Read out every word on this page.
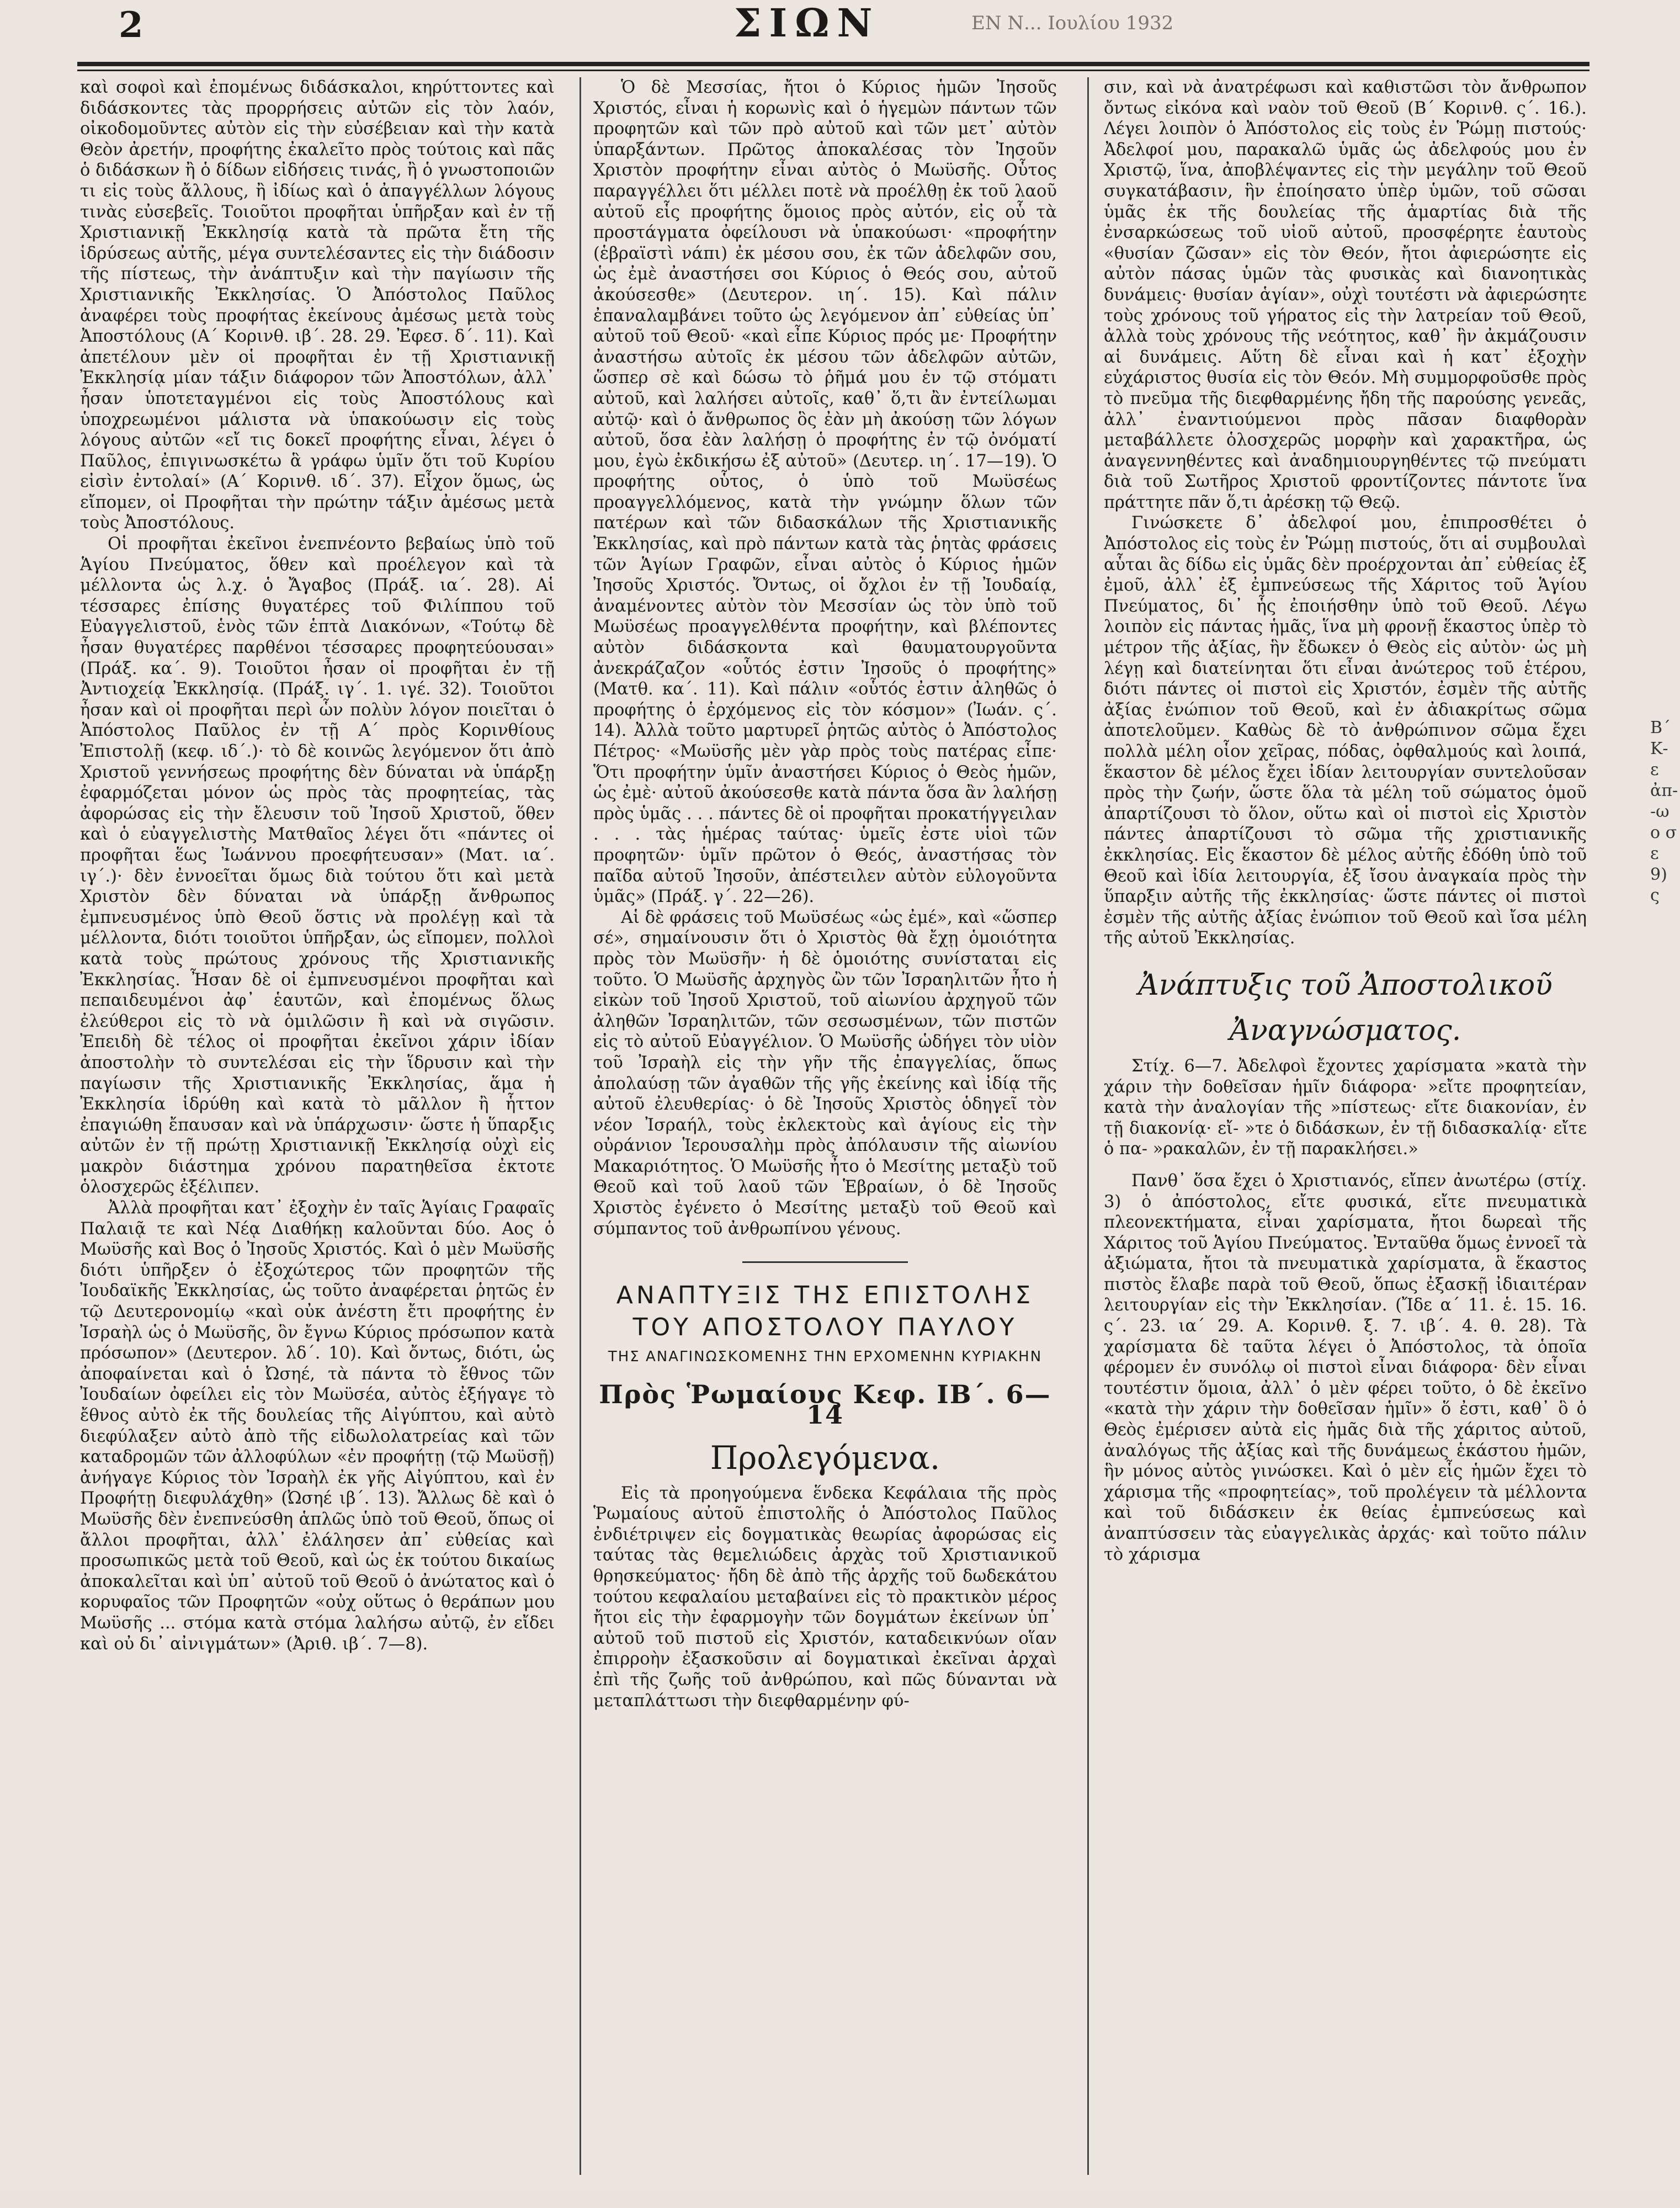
2	ΣΙΩΝ	ΕΝ Ν... Ιουλίου 1932

καὶ σοφοὶ καὶ ἐπομένως διδάσκαλοι, κηρύττοντες καὶ διδάσκοντες τὰς προρρήσεις αὐτῶν εἰς τὸν λαόν, οἰκοδομοῦντες αὐτὸν εἰς τὴν εὐσέβειαν καὶ τὴν κατὰ Θεὸν ἀρετήν, προφήτης ἐκαλεῖτο πρὸς τούτοις καὶ πᾶς ὁ διδάσκων ἢ ὁ δίδων εἰδήσεις τινάς, ἢ ὁ γνωστοποιῶν τι εἰς τοὺς ἄλλους, ἢ ἰδίως καὶ ὁ ἀπαγγέλλων λόγους τινὰς εὐσεβεῖς. Τοιοῦτοι προφῆται ὑπῆρξαν καὶ ἐν τῇ Χριστιανικῇ Ἐκκλησίᾳ κατὰ τὰ πρῶτα ἔτη τῆς ἱδρύσεως αὐτῆς, μέγα συντελέσαντες εἰς τὴν διάδοσιν τῆς πίστεως, τὴν ἀνάπτυξιν καὶ τὴν παγίωσιν τῆς Χριστιανικῆς Ἐκκλησίας. Ὁ Ἀπόστολος Παῦλος ἀναφέρει τοὺς προφήτας ἐκείνους ἀμέσως μετὰ τοὺς Ἀποστόλους (Α΄ Κορινθ. ιβ΄. 28. 29. Ἐφεσ. δ΄. 11). Καὶ ἀπετέλουν μὲν οἱ προφῆται ἐν τῇ Χριστιανικῇ Ἐκκλησίᾳ μίαν τάξιν διάφορον τῶν Ἀποστόλων, ἀλλ᾽ ἦσαν ὑποτεταγμένοι εἰς τοὺς Ἀποστόλους καὶ ὑποχρεωμένοι μάλιστα νὰ ὑπακούωσιν εἰς τοὺς λόγους αὐτῶν «εἴ τις δοκεῖ προφήτης εἶναι, λέγει ὁ Παῦλος, ἐπιγινωσκέτω ἃ γράφω ὑμῖν ὅτι τοῦ Κυρίου εἰσὶν ἐντολαί» (Α΄ Κορινθ. ιδ΄. 37). Εἶχον ὅμως, ὡς εἴπομεν, οἱ Προφῆται τὴν πρώτην τάξιν ἀμέσως μετὰ τοὺς Ἀποστόλους.

Οἱ προφῆται ἐκεῖνοι ἐνεπνέοντο βεβαίως ὑπὸ τοῦ Ἁγίου Πνεύματος, ὅθεν καὶ προέλεγον καὶ τὰ μέλλοντα ὡς λ.χ. ὁ Ἄγαβος (Πράξ. ια΄. 28). Αἱ τέσσαρες ἐπίσης θυγατέρες τοῦ Φιλίππου τοῦ Εὐαγγελιστοῦ, ἑνὸς τῶν ἑπτὰ Διακόνων, «Τούτῳ δὲ ἦσαν θυγατέρες παρθένοι τέσσαρες προφητεύουσαι» (Πράξ. κα΄. 9). Τοιοῦτοι ἦσαν οἱ προφῆται ἐν τῇ Ἀντιοχείᾳ Ἐκκλησίᾳ. (Πράξ. ιγ΄. 1. ιγέ. 32). Τοιοῦτοι ἦσαν καὶ οἱ προφῆται περὶ ὧν πολὺν λόγον ποιεῖται ὁ Ἀπόστολος Παῦλος ἐν τῇ Α΄ πρὸς Κορινθίους Ἐπιστολῇ (κεφ. ιδ΄.)· τὸ δὲ κοινῶς λεγόμενον ὅτι ἀπὸ Χριστοῦ γεννήσεως προφήτης δὲν δύναται νὰ ὑπάρξῃ ἐφαρμόζεται μόνον ὡς πρὸς τὰς προφητείας, τὰς ἀφορώσας εἰς τὴν ἔλευσιν τοῦ Ἰησοῦ Χριστοῦ, ὅθεν καὶ ὁ εὐαγγελιστὴς Ματθαῖος λέγει ὅτι «πάντες οἱ προφῆται ἕως Ἰωάννου προεφήτευσαν» (Ματ. ια΄. ιγ΄.)· δὲν ἐννοεῖται ὅμως διὰ τούτου ὅτι καὶ μετὰ Χριστὸν δὲν δύναται νὰ ὑπάρξῃ ἄνθρωπος ἐμπνευσμένος ὑπὸ Θεοῦ ὅστις νὰ προλέγῃ καὶ τὰ μέλλοντα, διότι τοιοῦτοι ὑπῆρξαν, ὡς εἴπομεν, πολλοὶ κατὰ τοὺς πρώτους χρόνους τῆς Χριστιανικῆς Ἐκκλησίας. Ἦσαν δὲ οἱ ἐμπνευσμένοι προφῆται καὶ πεπαιδευμένοι ἀφ᾽ ἑαυτῶν, καὶ ἐπομένως ὅλως ἐλεύθεροι εἰς τὸ νὰ ὁμιλῶσιν ἢ καὶ νὰ σιγῶσιν. Ἐπειδὴ δὲ τέλος οἱ προφῆται ἐκεῖνοι χάριν ἰδίαν ἀποστολὴν τὸ συντελέσαι εἰς τὴν ἵδρυσιν καὶ τὴν παγίωσιν τῆς Χριστιανικῆς Ἐκκλησίας, ἅμα ἡ Ἐκκλησία ἱδρύθη καὶ κατὰ τὸ μᾶλλον ἢ ἧττον ἐπαγιώθη ἔπαυσαν καὶ νὰ ὑπάρχωσιν· ὥστε ἡ ὕπαρξις αὐτῶν ἐν τῇ πρώτῃ Χριστιανικῇ Ἐκκλησίᾳ οὐχὶ εἰς μακρὸν διάστημα χρόνου παρατηθεῖσα ἐκτοτε ὁλοσχερῶς ἐξέλιπεν.

Ἀλλὰ προφῆται κατ᾽ ἐξοχὴν ἐν ταῖς Ἁγίαις Γραφαῖς Παλαιᾷ τε καὶ Νέᾳ Διαθήκῃ καλοῦνται δύο. Αος ὁ Μωϋσῆς καὶ Βος ὁ Ἰησοῦς Χριστός. Καὶ ὁ μὲν Μωϋσῆς διότι ὑπῆρξεν ὁ ἐξοχώτερος τῶν προφητῶν τῆς Ἰουδαϊκῆς Ἐκκλησίας, ὡς τοῦτο ἀναφέρεται ῥητῶς ἐν τῷ Δευτερονομίῳ «καὶ οὐκ ἀνέστη ἔτι προφήτης ἐν Ἰσραὴλ ὡς ὁ Μωϋσῆς, ὃν ἔγνω Κύριος πρόσωπον κατὰ πρόσωπον» (Δευτερον. λδ΄. 10). Καὶ ὄντως, διότι, ὡς ἀποφαίνεται καὶ ὁ Ὠσηέ, τὰ πάντα τὸ ἔθνος τῶν Ἰουδαίων ὀφείλει εἰς τὸν Μωϋσέα, αὐτὸς ἐξήγαγε τὸ ἔθνος αὐτὸ ἐκ τῆς δουλείας τῆς Αἰγύπτου, καὶ αὐτὸ διεφύλαξεν αὐτὸ ἀπὸ τῆς εἰδωλολατρείας καὶ τῶν καταδρομῶν τῶν ἀλλοφύλων «ἐν προφήτῃ (τῷ Μωϋσῇ) ἀνήγαγε Κύριος τὸν Ἰσραὴλ ἐκ γῆς Αἰγύπτου, καὶ ἐν Προφήτῃ διεφυλάχθη» (Ὠσηέ ιβ΄. 13). Ἄλλως δὲ καὶ ὁ Μωϋσῆς δὲν ἐνεπνεύσθη ἁπλῶς ὑπὸ τοῦ Θεοῦ, ὅπως οἱ ἄλλοι προφῆται, ἀλλ᾽ ἐλάλησεν ἀπ᾽ εὐθείας καὶ προσωπικῶς μετὰ τοῦ Θεοῦ, καὶ ὡς ἐκ τούτου δικαίως ἀποκαλεῖται καὶ ὑπ᾽ αὐτοῦ τοῦ Θεοῦ ὁ ἀνώτατος καὶ ὁ κορυφαῖος τῶν Προφητῶν «οὐχ οὕτως ὁ θεράπων μου Μωϋσῆς ... στόμα κατὰ στόμα λαλήσω αὐτῷ, ἐν εἴδει καὶ οὐ δι᾽ αἰνιγμάτων» (Ἀριθ. ιβ΄. 7—8).

Ὁ δὲ Μεσσίας, ἤτοι ὁ Κύριος ἡμῶν Ἰησοῦς Χριστός, εἶναι ἡ κορωνὶς καὶ ὁ ἡγεμὼν πάντων τῶν προφητῶν καὶ τῶν πρὸ αὐτοῦ καὶ τῶν μετ᾽ αὐτὸν ὑπαρξάντων. Πρῶτος ἀποκαλέσας τὸν Ἰησοῦν Χριστὸν προφήτην εἶναι αὐτὸς ὁ Μωϋσῆς. Οὗτος παραγγέλλει ὅτι μέλλει ποτὲ νὰ προέλθῃ ἐκ τοῦ λαοῦ αὐτοῦ εἷς προφήτης ὅμοιος πρὸς αὐτόν, εἰς οὗ τὰ προστάγματα ὀφείλουσι νὰ ὑπακούωσι· «προφήτην (ἑβραϊστὶ νάπι) ἐκ μέσου σου, ἐκ τῶν ἀδελφῶν σου, ὡς ἐμὲ ἀναστήσει σοι Κύριος ὁ Θεός σου, αὐτοῦ ἀκούσεσθε» (Δευτερον. ιη΄. 15). Καὶ πάλιν ἐπαναλαμβάνει τοῦτο ὡς λεγόμενον ἀπ᾽ εὐθείας ὑπ᾽ αὐτοῦ τοῦ Θεοῦ· «καὶ εἶπε Κύριος πρός με· Προφήτην ἀναστήσω αὐτοῖς ἐκ μέσου τῶν ἀδελφῶν αὐτῶν, ὥσπερ σὲ καὶ δώσω τὸ ῥῆμά μου ἐν τῷ στόματι αὐτοῦ, καὶ λαλήσει αὐτοῖς, καθ᾽ ὅ,τι ἂν ἐντείλωμαι αὐτῷ· καὶ ὁ ἄνθρωπος ὃς ἐὰν μὴ ἀκούσῃ τῶν λόγων αὐτοῦ, ὅσα ἐὰν λαλήσῃ ὁ προφήτης ἐν τῷ ὀνόματί μου, ἐγὼ ἐκδικήσω ἐξ αὐτοῦ» (Δευτερ. ιη΄. 17—19). Ὁ προφήτης οὗτος, ὁ ὑπὸ τοῦ Μωϋσέως προαγγελλόμενος, κατὰ τὴν γνώμην ὅλων τῶν πατέρων καὶ τῶν διδασκάλων τῆς Χριστιανικῆς Ἐκκλησίας, καὶ πρὸ πάντων κατὰ τὰς ῥητὰς φράσεις τῶν Ἁγίων Γραφῶν, εἶναι αὐτὸς ὁ Κύριος ἡμῶν Ἰησοῦς Χριστός. Ὄντως, οἱ ὄχλοι ἐν τῇ Ἰουδαίᾳ, ἀναμένοντες αὐτὸν τὸν Μεσσίαν ὡς τὸν ὑπὸ τοῦ Μωϋσέως προαγγελθέντα προφήτην, καὶ βλέποντες αὐτὸν διδάσκοντα καὶ θαυματουργοῦντα ἀνεκράζαζον «οὗτός ἐστιν Ἰησοῦς ὁ προφήτης» (Ματθ. κα΄. 11). Καὶ πάλιν «οὗτός ἐστιν ἀληθῶς ὁ προφήτης ὁ ἐρχόμενος εἰς τὸν κόσμον» (Ἰωάν. ς΄. 14). Ἀλλὰ τοῦτο μαρτυρεῖ ῥητῶς αὐτὸς ὁ Ἀπόστολος Πέτρος· «Μωϋσῆς μὲν γὰρ πρὸς τοὺς πατέρας εἶπε· Ὅτι προφήτην ὑμῖν ἀναστήσει Κύριος ὁ Θεὸς ἡμῶν, ὡς ἐμὲ· αὐτοῦ ἀκούσεσθε κατὰ πάντα ὅσα ἂν λαλήσῃ πρὸς ὑμᾶς . . . πάντες δὲ οἱ προφῆται προκατήγγειλαν . . . τὰς ἡμέρας ταύτας· ὑμεῖς ἐστε υἱοὶ τῶν προφητῶν· ὑμῖν πρῶτον ὁ Θεός, ἀναστήσας τὸν παῖδα αὐτοῦ Ἰησοῦν, ἀπέστειλεν αὐτὸν εὐλογοῦντα ὑμᾶς» (Πράξ. γ΄. 22—26).

Αἱ δὲ φράσεις τοῦ Μωϋσέως «ὡς ἐμέ», καὶ «ὥσπερ σέ», σημαίνουσιν ὅτι ὁ Χριστὸς θὰ ἔχῃ ὁμοιότητα πρὸς τὸν Μωϋσῆν· ἡ δὲ ὁμοιότης συνίσταται εἰς τοῦτο. Ὁ Μωϋσῆς ἀρχηγὸς ὢν τῶν Ἰσραηλιτῶν ἦτο ἡ εἰκὼν τοῦ Ἰησοῦ Χριστοῦ, τοῦ αἰωνίου ἀρχηγοῦ τῶν ἀληθῶν Ἰσραηλιτῶν, τῶν σεσωσμένων, τῶν πιστῶν εἰς τὸ αὐτοῦ Εὐαγγέλιον. Ὁ Μωϋσῆς ὡδήγει τὸν υἱὸν τοῦ Ἰσραὴλ εἰς τὴν γῆν τῆς ἐπαγγελίας, ὅπως ἀπολαύσῃ τῶν ἀγαθῶν τῆς γῆς ἐκείνης καὶ ἰδίᾳ τῆς αὐτοῦ ἐλευθερίας· ὁ δὲ Ἰησοῦς Χριστὸς ὁδηγεῖ τὸν νέον Ἰσραήλ, τοὺς ἐκλεκτοὺς καὶ ἁγίους εἰς τὴν οὐράνιον Ἱερουσαλὴμ πρὸς ἀπόλαυσιν τῆς αἰωνίου Μακαριότητος. Ὁ Μωϋσῆς ἦτο ὁ Μεσίτης μεταξὺ τοῦ Θεοῦ καὶ τοῦ λαοῦ τῶν Ἑβραίων, ὁ δὲ Ἰησοῦς Χριστὸς ἐγένετο ὁ Μεσίτης μεταξὺ τοῦ Θεοῦ καὶ σύμπαντος τοῦ ἀνθρωπίνου γένους.

ΑΝΑΠΤΥΞΙΣ ΤΗΣ ΕΠΙΣΤΟΛΗΣ
ΤΟΥ ΑΠΟΣΤΟΛΟΥ ΠΑΥΛΟΥ
ΤΗΣ ΑΝΑΓΙΝΩΣΚΟΜΕΝΗΣ ΤΗΝ ΕΡΧΟΜΕΝΗΝ ΚΥΡΙΑΚΗΝ
Πρὸς Ῥωμαίους Κεφ. ΙΒ΄. 6—14
Προλεγόμενα.

Εἰς τὰ προηγούμενα ἕνδεκα Κεφάλαια τῆς πρὸς Ῥωμαίους αὐτοῦ ἐπιστολῆς ὁ Ἀπόστολος Παῦλος ἐνδιέτριψεν εἰς δογματικὰς θεωρίας ἀφορώσας εἰς ταύτας τὰς θεμελιώδεις ἀρχὰς τοῦ Χριστιανικοῦ θρησκεύματος· ἤδη δὲ ἀπὸ τῆς ἀρχῆς τοῦ δωδεκάτου τούτου κεφαλαίου μεταβαίνει εἰς τὸ πρακτικὸν μέρος ἤτοι εἰς τὴν ἐφαρμογὴν τῶν δογμάτων ἐκείνων ὑπ᾽ αὐτοῦ τοῦ πιστοῦ εἰς Χριστόν, καταδεικνύων οἵαν ἐπιρροὴν ἐξασκοῦσιν αἱ δογματικαὶ ἐκεῖναι ἀρχαὶ ἐπὶ τῆς ζωῆς τοῦ ἀνθρώπου, καὶ πῶς δύνανται νὰ μεταπλάττωσι τὴν διεφθαρμένην φύ-

σιν, καὶ νὰ ἀνατρέφωσι καὶ καθιστῶσι τὸν ἄνθρωπον ὄντως εἰκόνα καὶ ναὸν τοῦ Θεοῦ (Β΄ Κορινθ. ς΄. 16.). Λέγει λοιπὸν ὁ Ἀπόστολος εἰς τοὺς ἐν Ῥώμῃ πιστούς· Ἀδελφοί μου, παρακαλῶ ὑμᾶς ὡς ἀδελφούς μου ἐν Χριστῷ, ἵνα, ἀποβλέψαντες εἰς τὴν μεγάλην τοῦ Θεοῦ συγκατάβασιν, ἣν ἐποίησατο ὑπὲρ ὑμῶν, τοῦ σῶσαι ὑμᾶς ἐκ τῆς δουλείας τῆς ἁμαρτίας διὰ τῆς ἐνσαρκώσεως τοῦ υἱοῦ αὐτοῦ, προσφέρητε ἑαυτοὺς «θυσίαν ζῶσαν» εἰς τὸν Θεόν, ἤτοι ἀφιερώσητε εἰς αὐτὸν πάσας ὑμῶν τὰς φυσικὰς καὶ διανοητικὰς δυνάμεις· θυσίαν ἁγίαν», οὐχὶ τουτέστι νὰ ἀφιερώσητε τοὺς χρόνους τοῦ γήρατος εἰς τὴν λατρείαν τοῦ Θεοῦ, ἀλλὰ τοὺς χρόνους τῆς νεότητος, καθ᾽ ἣν ἀκμάζουσιν αἱ δυνάμεις. Αὕτη δὲ εἶναι καὶ ἡ κατ᾽ ἐξοχὴν εὐχάριστος θυσία εἰς τὸν Θεόν. Μὴ συμμορφοῦσθε πρὸς τὸ πνεῦμα τῆς διεφθαρμένης ἤδη τῆς παρούσης γενεᾶς, ἀλλ᾽ ἐναντιούμενοι πρὸς πᾶσαν διαφθορὰν μεταβάλλετε ὁλοσχερῶς μορφὴν καὶ χαρακτῆρα, ὡς ἀναγεννηθέντες καὶ ἀναδημιουργηθέντες τῷ πνεύματι διὰ τοῦ Σωτῆρος Χριστοῦ φροντίζοντες πάντοτε ἵνα πράττητε πᾶν ὅ,τι ἀρέσκῃ τῷ Θεῷ.

Γινώσκετε δ᾽ ἀδελφοί μου, ἐπιπροσθέτει ὁ Ἀπόστολος εἰς τοὺς ἐν Ῥώμῃ πιστούς, ὅτι αἱ συμβουλαὶ αὗται ἃς δίδω εἰς ὑμᾶς δὲν προέρχονται ἀπ᾽ εὐθείας ἐξ ἐμοῦ, ἀλλ᾽ ἐξ ἐμπνεύσεως τῆς Χάριτος τοῦ Ἁγίου Πνεύματος, δι᾽ ἧς ἐποιήσθην ὑπὸ τοῦ Θεοῦ. Λέγω λοιπὸν εἰς πάντας ἡμᾶς, ἵνα μὴ φρονῇ ἕκαστος ὑπὲρ τὸ μέτρον τῆς ἀξίας, ἣν ἔδωκεν ὁ Θεὸς εἰς αὐτὸν· ὡς μὴ λέγῃ καὶ διατείνηται ὅτι εἶναι ἀνώτερος τοῦ ἑτέρου, διότι πάντες οἱ πιστοὶ εἰς Χριστόν, ἐσμὲν τῆς αὐτῆς ἀξίας ἐνώπιον τοῦ Θεοῦ, καὶ ἐν ἀδιακρίτως σῶμα ἀποτελοῦμεν. Καθὼς δὲ τὸ ἀνθρώπινον σῶμα ἔχει πολλὰ μέλη οἷον χεῖρας, πόδας, ὀφθαλμούς καὶ λοιπά, ἕκαστον δὲ μέλος ἔχει ἰδίαν λειτουργίαν συντελοῦσαν πρὸς τὴν ζωήν, ὥστε ὅλα τὰ μέλη τοῦ σώματος ὁμοῦ ἀπαρτίζουσι τὸ ὅλον, οὕτω καὶ οἱ πιστοὶ εἰς Χριστὸν πάντες ἀπαρτίζουσι τὸ σῶμα τῆς χριστιανικῆς ἐκκλησίας. Εἰς ἕκαστον δὲ μέλος αὐτῆς ἐδόθη ὑπὸ τοῦ Θεοῦ καὶ ἰδία λειτουργία, ἐξ ἴσου ἀναγκαία πρὸς τὴν ὕπαρξιν αὐτῆς τῆς ἐκκλησίας· ὥστε πάντες οἱ πιστοὶ ἐσμὲν τῆς αὐτῆς ἀξίας ἐνώπιον τοῦ Θεοῦ καὶ ἴσα μέλη τῆς αὐτοῦ Ἐκκλησίας.

Ἀνάπτυξις τοῦ Ἀποστολικοῦ
Ἀναγνώσματος.

Στίχ. 6—7. Ἀδελφοὶ ἔχοντες χαρίσματα »κατὰ τὴν χάριν τὴν δοθεῖσαν ἡμῖν διάφορα· »εἴτε προφητείαν, κατὰ τὴν ἀναλογίαν τῆς »πίστεως· εἴτε διακονίαν, ἐν τῇ διακονίᾳ· εἴ- »τε ὁ διδάσκων, ἐν τῇ διδασκαλίᾳ· εἴτε ὁ πα- »ρακαλῶν, ἐν τῇ παρακλήσει.»

Πανθ᾽ ὅσα ἔχει ὁ Χριστιανός, εἴπεν ἀνωτέρω (στίχ. 3) ὁ ἀπόστολος, εἴτε φυσικά, εἴτε πνευματικὰ πλεονεκτήματα, εἶναι χαρίσματα, ἤτοι δωρεαὶ τῆς Χάριτος τοῦ Ἁγίου Πνεύματος. Ἐνταῦθα ὅμως ἐννοεῖ τὰ ἀξιώματα, ἤτοι τὰ πνευματικὰ χαρίσματα, ἃ ἕκαστος πιστὸς ἔλαβε παρὰ τοῦ Θεοῦ, ὅπως ἐξασκῇ ἰδιαιτέραν λειτουργίαν εἰς τὴν Ἐκκλησίαν. (Ἴδε α΄ 11. ἑ. 15. 16. ς΄. 23. ια΄ 29. Α. Κορινθ. ξ. 7. ιβ΄. 4. θ. 28). Τὰ χαρίσματα δὲ ταῦτα λέγει ὁ Ἀπόστολος, τὰ ὁποῖα φέρομεν ἐν συνόλῳ οἱ πιστοὶ εἶναι διάφορα· δὲν εἶναι τουτέστιν ὅμοια, ἀλλ᾽ ὁ μὲν φέρει τοῦτο, ὁ δὲ ἐκεῖνο «κατὰ τὴν χάριν τὴν δοθεῖσαν ἡμῖν» ὅ ἐστι, καθ᾽ ὃ ὁ Θεὸς ἐμέρισεν αὐτὰ εἰς ἡμᾶς διὰ τῆς χάριτος αὐτοῦ, ἀναλόγως τῆς ἀξίας καὶ τῆς δυνάμεως ἑκάστου ἡμῶν, ἣν μόνος αὐτὸς γινώσκει. Καὶ ὁ μὲν εἷς ἡμῶν ἔχει τὸ χάρισμα τῆς «προφητείας», τοῦ προλέγειν τὰ μέλλοντα καὶ τοῦ διδάσκειν ἐκ θείας ἐμπνεύσεως καὶ ἀναπτύσσειν τὰς εὐαγγελικὰς ἀρχάς· καὶ τοῦτο πάλιν τὸ χάρισμα

Β΄ Κ- ε ἀπ- -ω ο σ ε 9) ς
